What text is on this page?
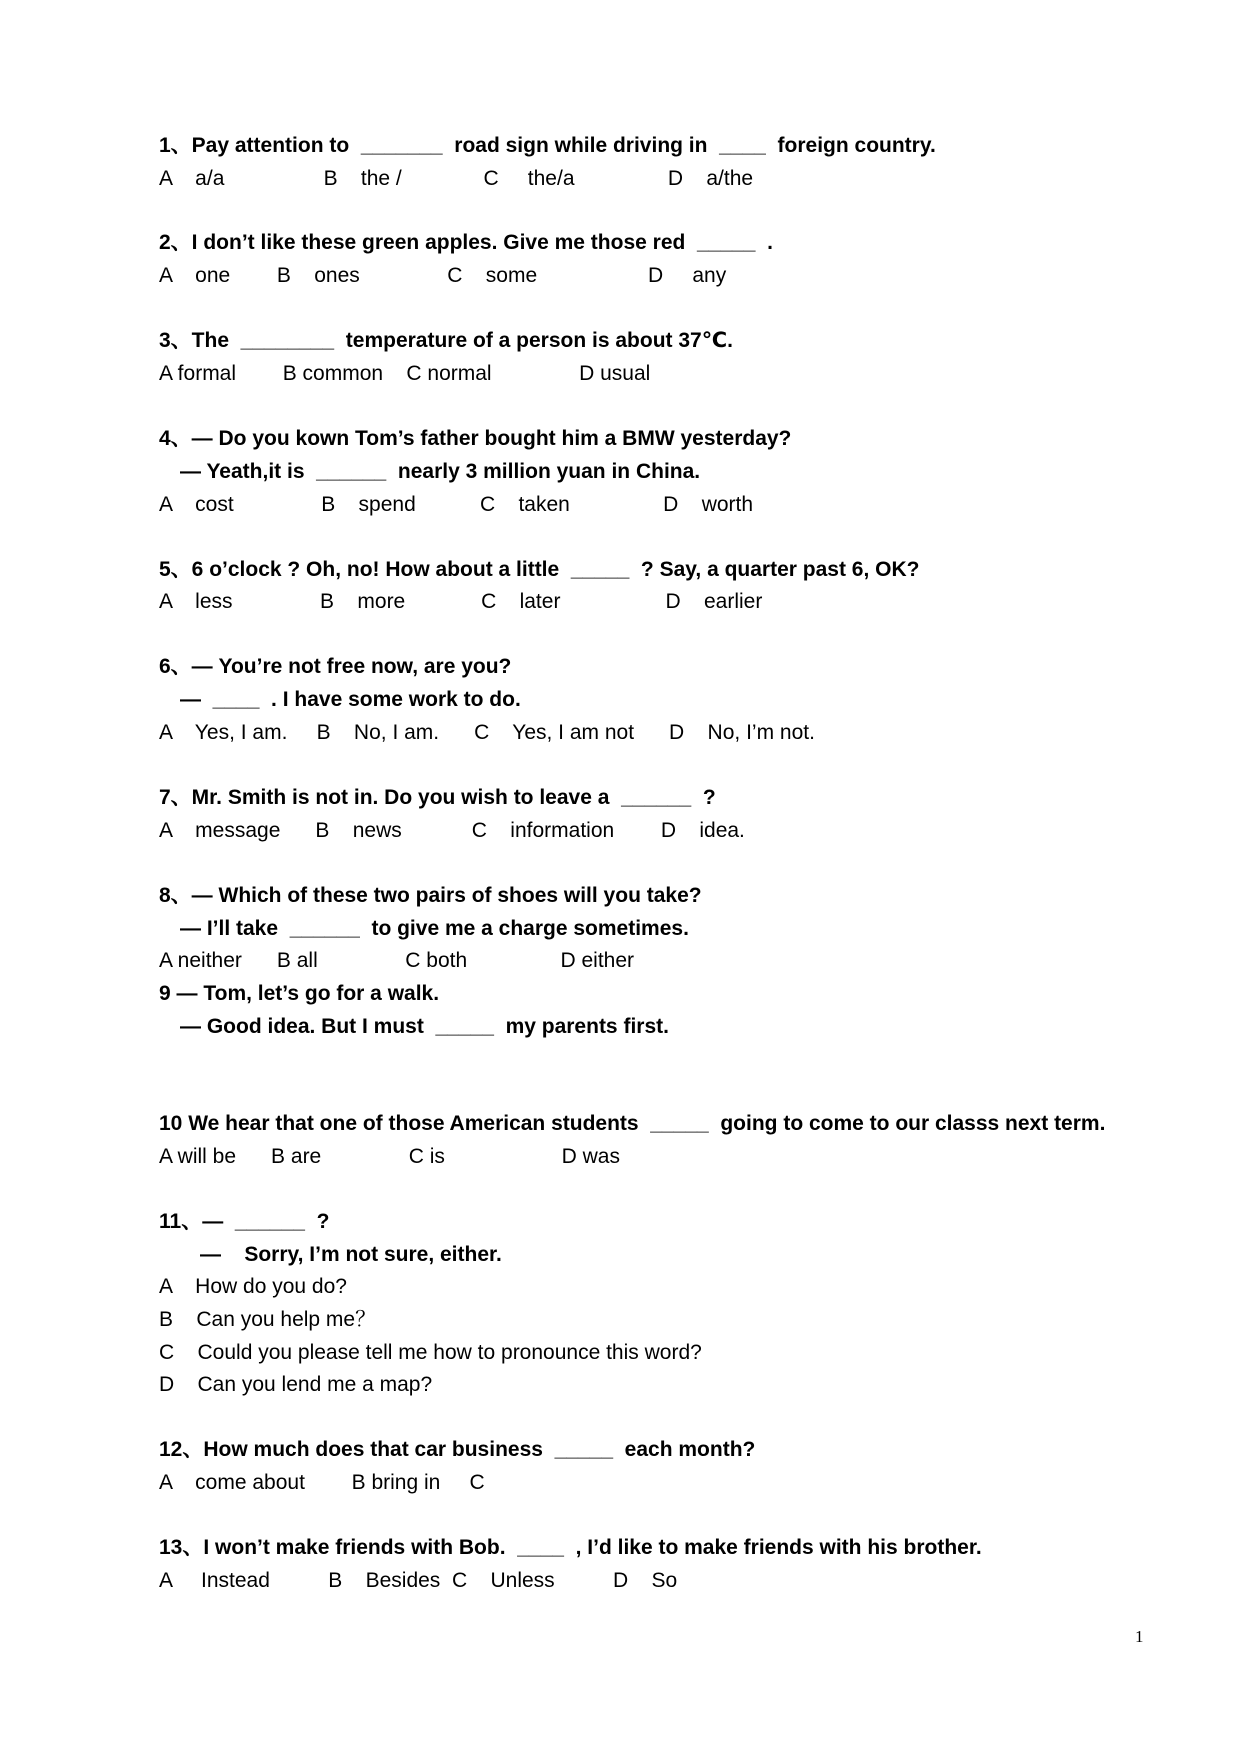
1、Pay attention to  _______  road sign while driving in  ____  foreign country.
A    a/a                 B    the /              C     the/a                D    a/the
2、I don’t like these green apples. Give me those red  _____  .
A    one        B    ones               C    some                   D     any
3、The  ________  temperature of a person is about 37℃.
A formal        B common    C normal               D usual
4、— Do you kown Tom’s father bought him a BMW yesterday?
— Yeath,it is  ______  nearly 3 million yuan in China.
A    cost               B    spend           C    taken                D    worth
5、6 o’clock ? Oh, no! How about a little  _____  ? Say, a quarter past 6, OK?
A    less               B    more             C    later                  D    earlier
6、— You’re not free now, are you?
—  ____  . I have some work to do.
A    Yes, I am.     B    No, I am.      C    Yes, I am not      D    No, I’m not.
7、Mr. Smith is not in. Do you wish to leave a  ______  ?
A    message      B    news            C    information        D    idea.
8、— Which of these two pairs of shoes will you take?
— I’ll take  ______  to give me a charge sometimes.
A neither      B all               C both                D either
9 — Tom, let’s go for a walk.
— Good idea. But I must  _____  my parents first.
10 We hear that one of those American students  _____  going to come to our classs next term.
A will be      B are               C is                    D was
11、—  ______  ?
—    Sorry, I’m not sure, either.
A    How do you do?
B    Can you help me？
C    Could you please tell me how to pronounce this word?
D    Can you lend me a map?
12、How much does that car business  _____  each month?
A    come about        B bring in     C
13、I won’t make friends with Bob.  ____  , I’d like to make friends with his brother.
A     Instead          B    Besides  C    Unless          D    So
1
